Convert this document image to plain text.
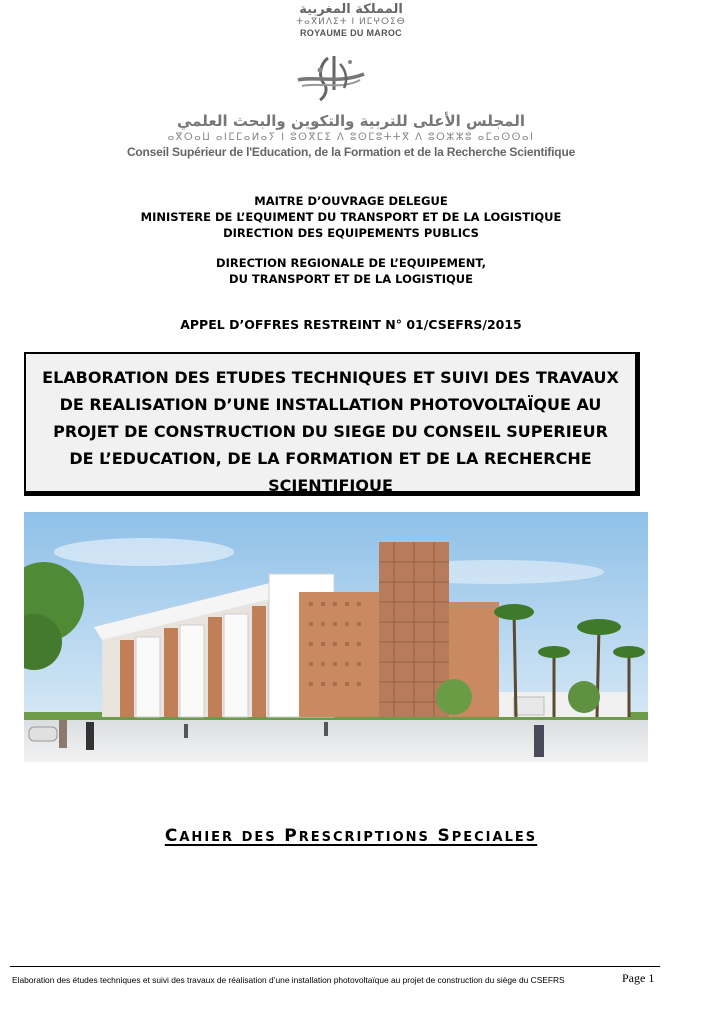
المملكة المغربية
ⵜⴰⴳⵍⴷⵉⵜ ⵏ ⵍⵎⵖⵔⵉⴱ
ROYAUME DU MAROC
المجلس الأعلى للتربية والتكوين والبحث العلمي
ⴰⴳⵔⴰⵡ ⴰⵏⵎⵎⴰⵍⴰⵢ ⵏ ⵓⵙⴳⵎⵉ ⴷ ⵓⵙⵎⵓⵜⵜⴳ ⴷ ⵓⵔⵣⵣⵓ ⴰⵎⴰⵙⵙⴰⵏ
Conseil Supérieur de l'Education, de la Formation et de la Recherche Scientifique
MAITRE D’OUVRAGE DELEGUE
MINISTERE DE L’EQUIMENT DU TRANSPORT ET DE LA LOGISTIQUE
DIRECTION DES EQUIPEMENTS PUBLICS
DIRECTION REGIONALE DE L’EQUIPEMENT,
DU TRANSPORT ET DE LA LOGISTIQUE
APPEL D’OFFRES RESTREINT N° 01/CSEFRS/2015
ELABORATION DES ETUDES TECHNIQUES ET SUIVI DES TRAVAUX
DE REALISATION D’UNE INSTALLATION PHOTOVOLTAÏQUE AU
PROJET DE CONSTRUCTION DU SIEGE DU CONSEIL SUPERIEUR
DE L’EDUCATION, DE LA FORMATION ET DE LA RECHERCHE
SCIENTIFIQUE
CAHIER DES PRESCRIPTIONS SPECIALES
Elaboration des études techniques et suivi des travaux de réalisation d’une installation photovoltaïque au projet de construction du siège du CSEFRS	Page 1
